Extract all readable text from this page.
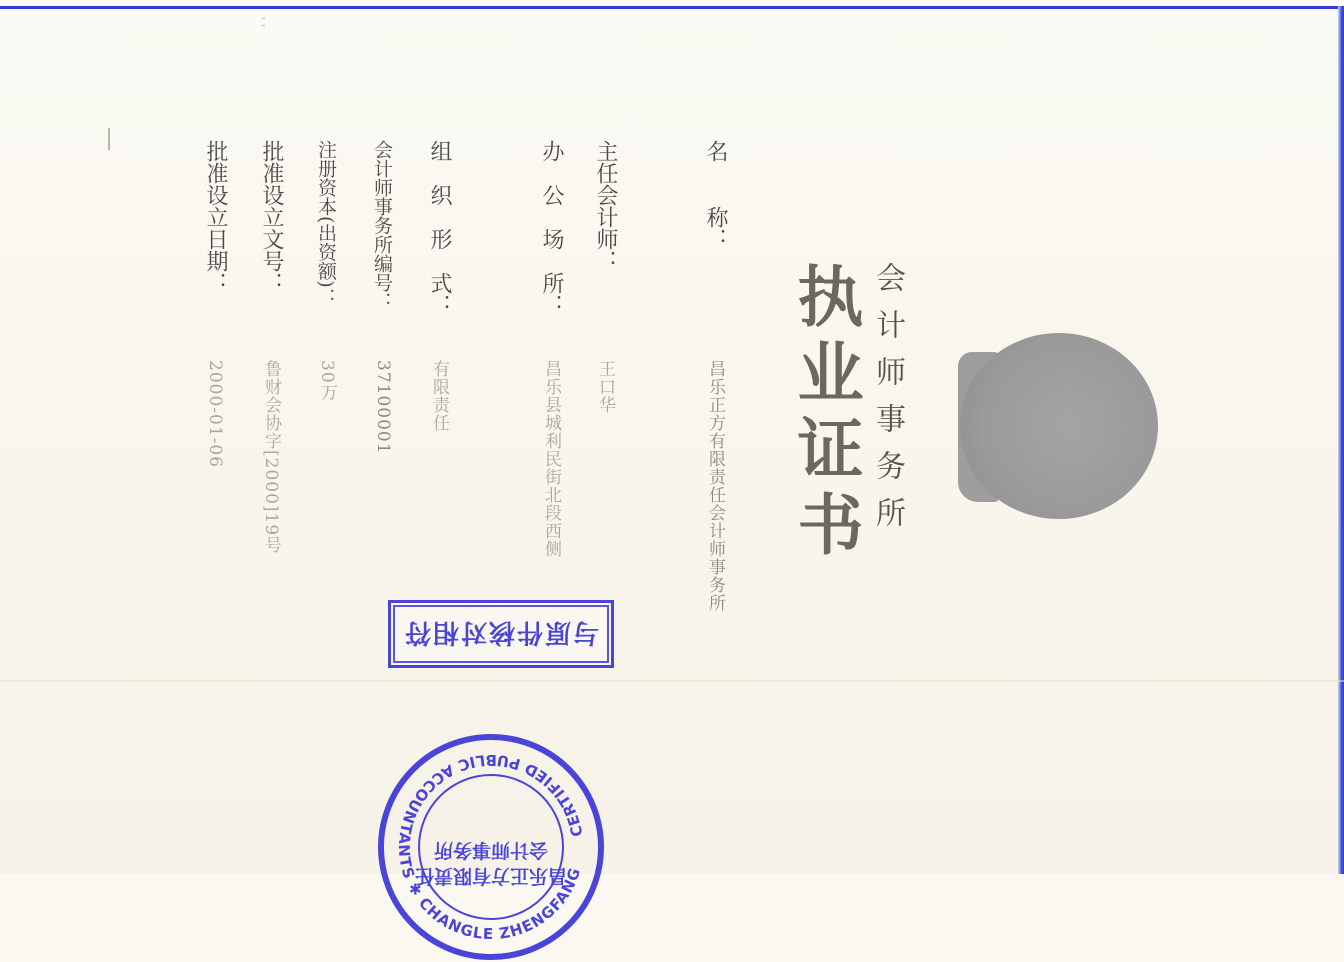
会计师事务所
执业证书
名　　称：
昌乐正方有限责任会计师事务所
主任会计师：
王口华
办　公　场　所：
昌乐县城利民街北段西侧
组　织　形　式：
有限责任
会计师事务所编号：
37100001
注册资本(出资额)：
30万
批准设立文号：
鲁财会协字[2000]19号
批准设立日期：
2000-01-06
与原件核对相符
CERTIFIED PUBLIC ACCOUNTANTS ✱ CHANGLE ZHENGFANG
昌乐正方有限责任
会计师事务所
